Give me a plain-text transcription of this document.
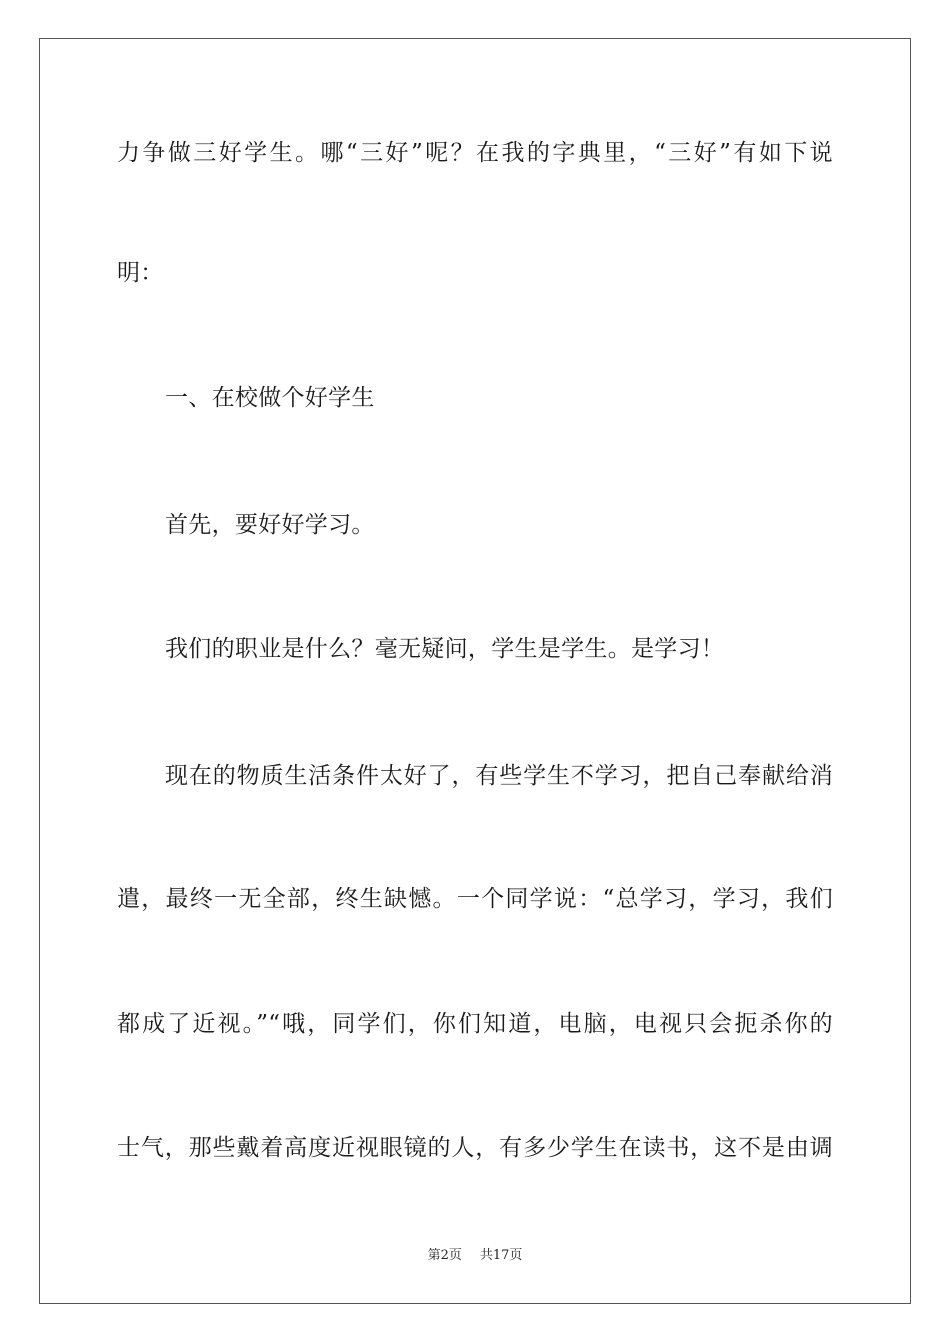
力争做三好学生。哪“三好”呢？在我的字典里，“三好”有如下说
明：
一、在校做个好学生
首先，要好好学习。
我们的职业是什么？毫无疑问，学生是学生。是学习！
现在的物质生活条件太好了，有些学生不学习，把自己奉献给消
遣，最终一无全部，终生缺憾。一个同学说：“总学习，学习，我们
都成了近视。”“哦，同学们，你们知道，电脑，电视只会扼杀你的
士气，那些戴着高度近视眼镜的人，有多少学生在读书，这不是由调
第2页 共17页
